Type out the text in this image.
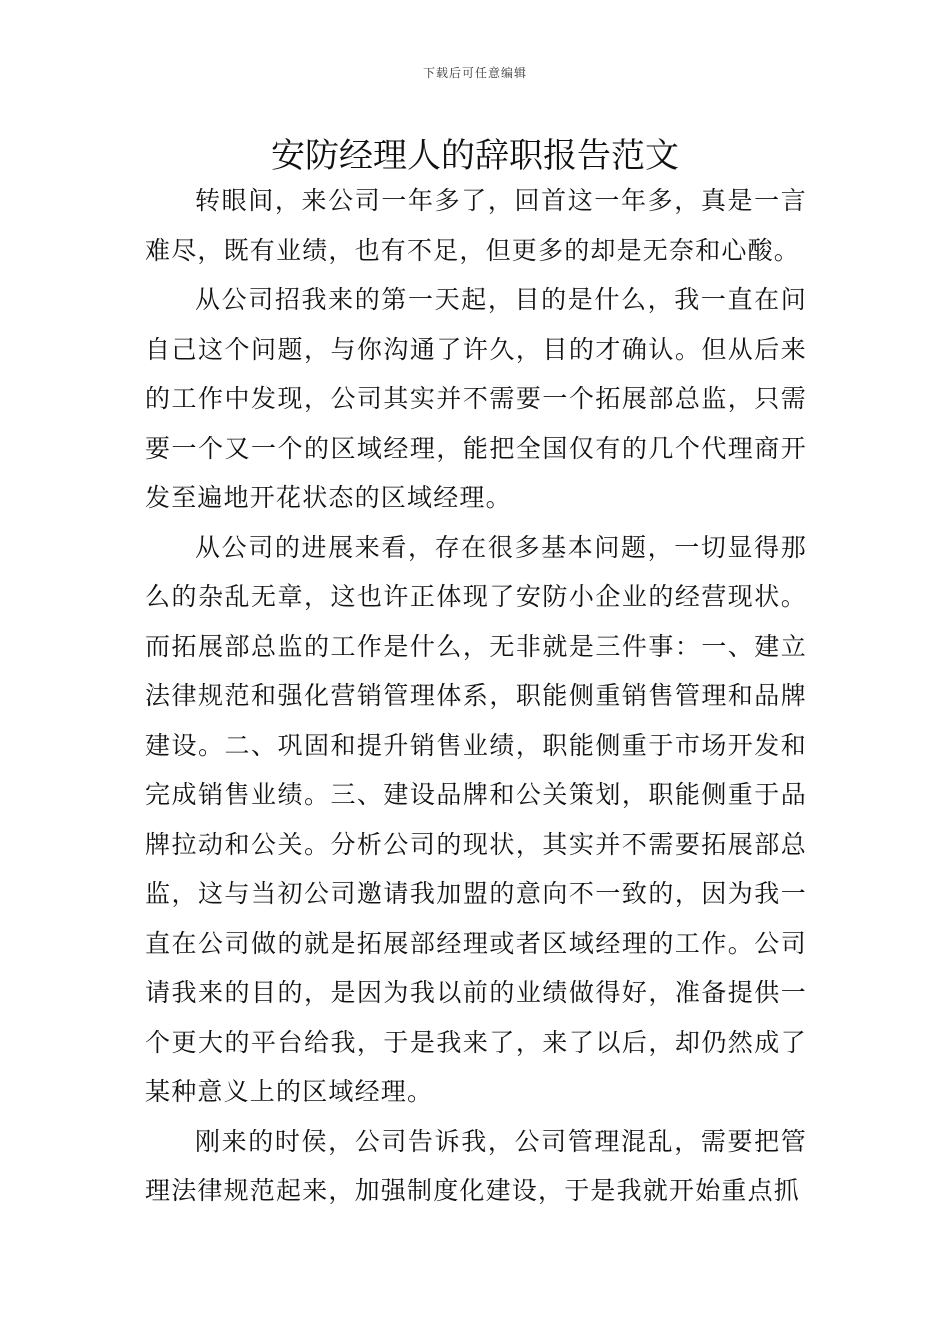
下载后可任意编辑
安防经理人的辞职报告范文

转眼间，来公司一年多了，回首这一年多，真是一言难尽，既有业绩，也有不足，但更多的却是无奈和心酸。

从公司招我来的第一天起，目的是什么，我一直在问自己这个问题，与你沟通了许久，目的才确认。但从后来的工作中发现，公司其实并不需要一个拓展部总监，只需要一个又一个的区域经理，能把全国仅有的几个代理商开发至遍地开花状态的区域经理。

从公司的进展来看，存在很多基本问题，一切显得那么的杂乱无章，这也许正体现了安防小企业的经营现状。而拓展部总监的工作是什么，无非就是三件事：一、建立法律规范和强化营销管理体系，职能侧重销售管理和品牌建设。二、巩固和提升销售业绩，职能侧重于市场开发和完成销售业绩。三、建设品牌和公关策划，职能侧重于品牌拉动和公关。分析公司的现状，其实并不需要拓展部总监，这与当初公司邀请我加盟的意向不一致的，因为我一直在公司做的就是拓展部经理或者区域经理的工作。公司请我来的目的，是因为我以前的业绩做得好，准备提供一个更大的平台给我，于是我来了，来了以后，却仍然成了某种意义上的区域经理。

刚来的时侯，公司告诉我，公司管理混乱，需要把管理法律规范起来，加强制度化建设，于是我就开始重点抓
